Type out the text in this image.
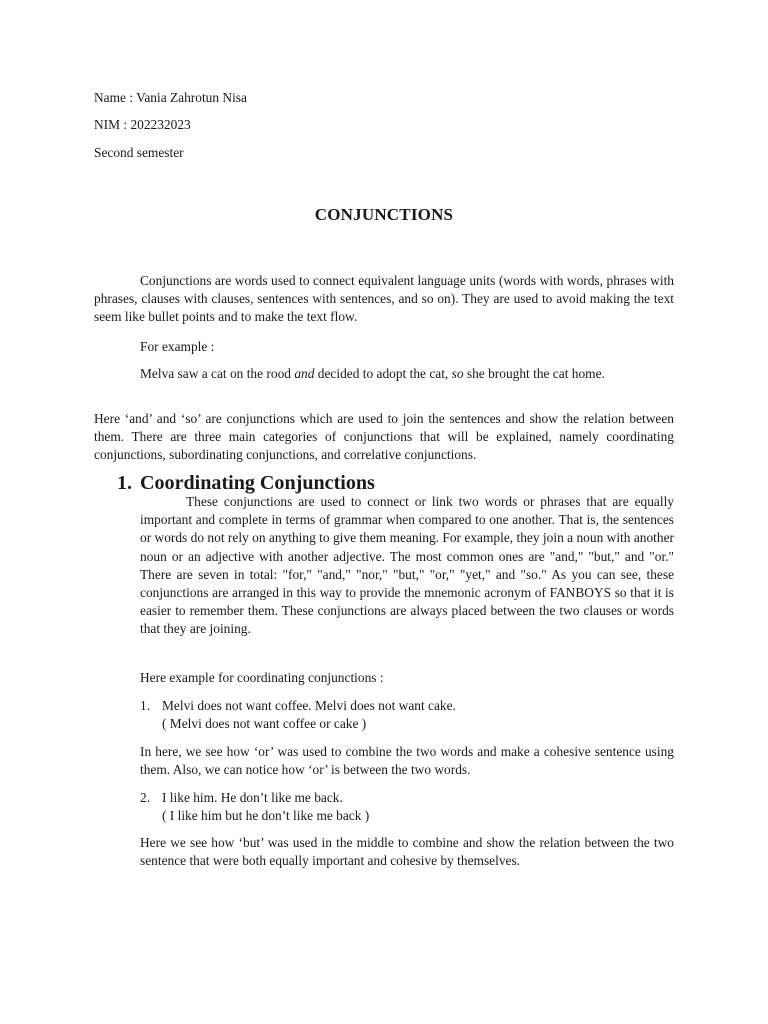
Name : Vania Zahrotun Nisa

NIM : 202232023

Second semester

CONJUNCTIONS

Conjunctions are words used to connect equivalent language units (words with words, phrases with phrases, clauses with clauses, sentences with sentences, and so on). They are used to avoid making the text seem like bullet points and to make the text flow.

For example :

Melva saw a cat on the rood and decided to adopt the cat, so she brought the cat home.

Here ‘and’ and ‘so’ are conjunctions which are used to join the sentences and show the relation between them. There are three main categories of conjunctions that will be explained, namely coordinating conjunctions, subordinating conjunctions, and correlative conjunctions.

1. Coordinating Conjunctions

These conjunctions are used to connect or link two words or phrases that are equally important and complete in terms of grammar when compared to one another. That is, the sentences or words do not rely on anything to give them meaning. For example, they join a noun with another noun or an adjective with another adjective. The most common ones are "and," "but," and "or." There are seven in total: "for," "and," "nor," "but," "or," "yet," and "so." As you can see, these conjunctions are arranged in this way to provide the mnemonic acronym of FANBOYS so that it is easier to remember them. These conjunctions are always placed between the two clauses or words that they are joining.

Here example for coordinating conjunctions :

1. Melvi does not want coffee. Melvi does not want cake.

( Melvi does not want coffee or cake )

In here, we see how ‘or’ was used to combine the two words and make a cohesive sentence using them. Also, we can notice how ‘or’ is between the two words.

2. I like him. He don’t like me back.

( I like him but he don’t like me back )

Here we see how ‘but’ was used in the middle to combine and show the relation between the two sentence that were both equally important and cohesive by themselves.
